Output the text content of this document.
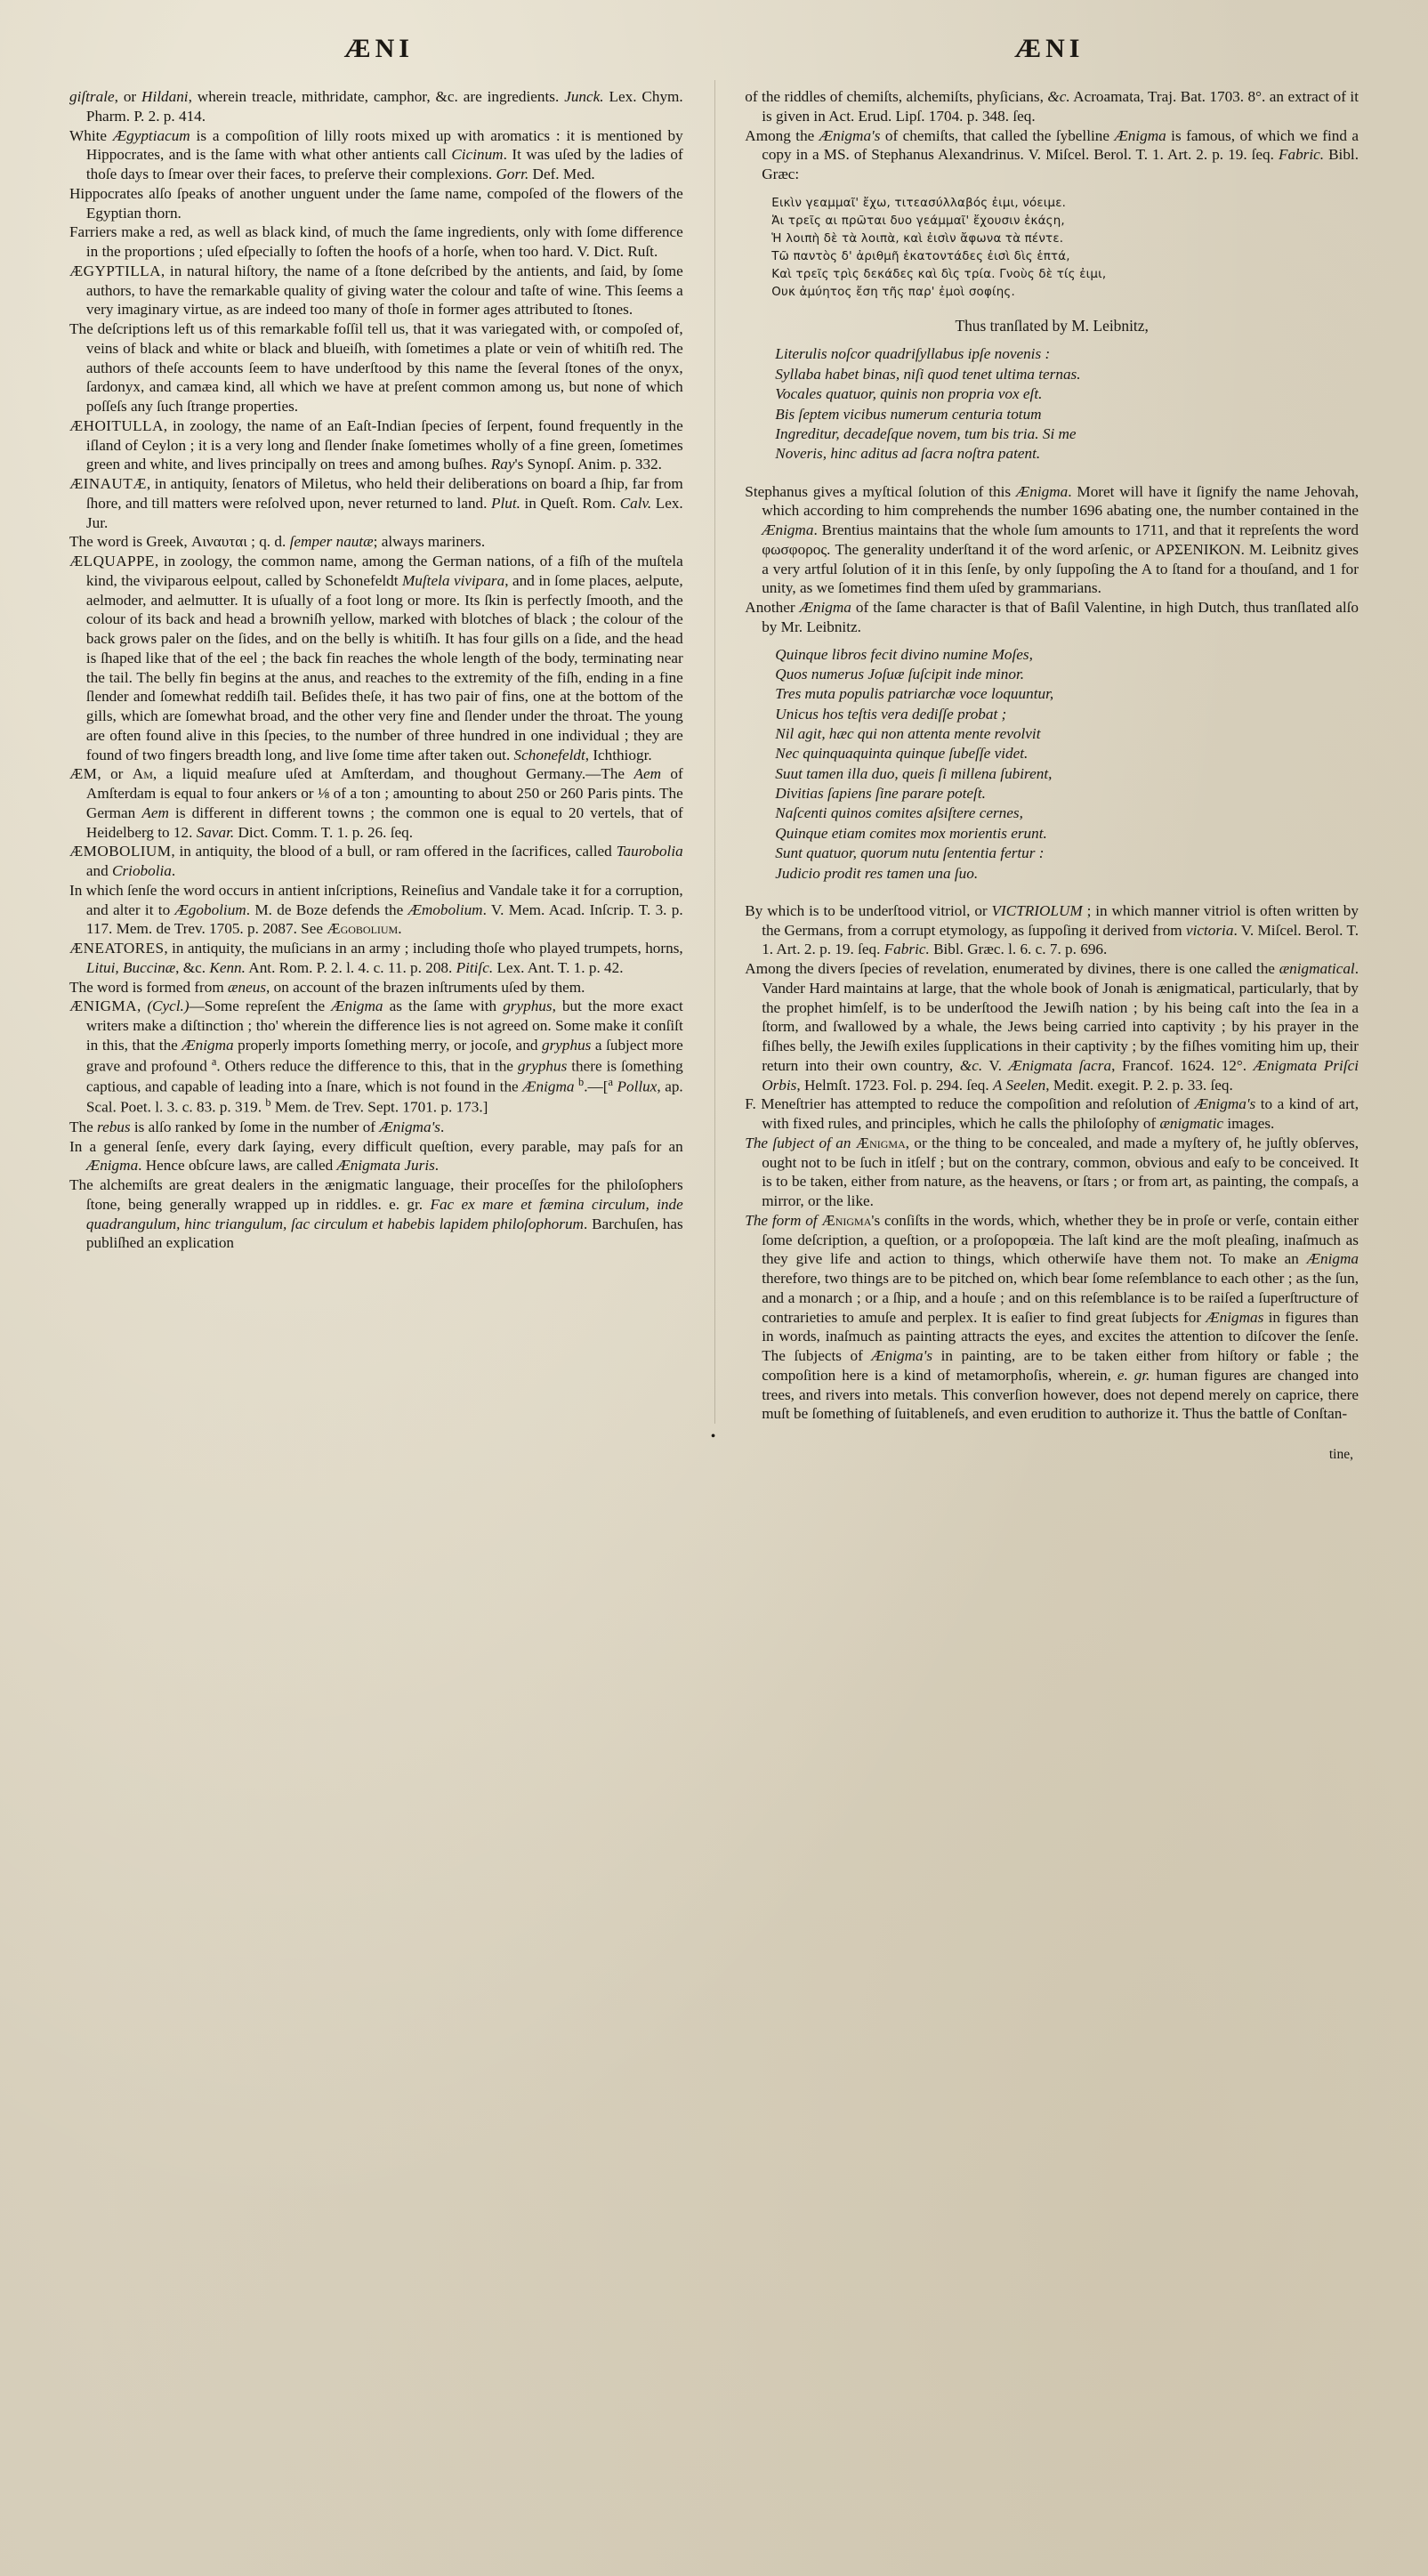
ÆNI	ÆNI

giſtrale, or Hildani, wherein treacle, mithridate, camphor, &c. are ingredients. Junck. Lex. Chym. Pharm. P. 2. p. 414.

White Ægyptiacum is a compoſition of lilly roots mixed up with aromatics : it is mentioned by Hippocrates, and is the ſame with what other antients call Cicinum. It was uſed by the ladies of thoſe days to ſmear over their faces, to preſerve their complexions. Gorr. Def. Med.

Hippocrates alſo ſpeaks of another unguent under the ſame name, compoſed of the flowers of the Egyptian thorn.

Farriers make a red, as well as black kind, of much the ſame ingredients, only with ſome difference in the proportions ; uſed eſpecially to ſoften the hoofs of a horſe, when too hard. V. Dict. Ruſt.

ÆGYPTILLA, in natural hiſtory, the name of a ſtone deſcribed by the antients, and ſaid, by ſome authors, to have the remarkable quality of giving water the colour and taſte of wine. This ſeems a very imaginary virtue, as are indeed too many of thoſe in former ages attributed to ſtones.

The deſcriptions left us of this remarkable foſſil tell us, that it was variegated with, or compoſed of, veins of black and white or black and blueiſh, with ſometimes a plate or vein of whitiſh red. The authors of theſe accounts ſeem to have underſtood by this name the ſeveral ſtones of the onyx, ſardonyx, and camæa kind, all which we have at preſent common among us, but none of which poſſeſs any ſuch ſtrange properties.

ÆHOITULLA, in zoology, the name of an Eaſt-Indian ſpecies of ſerpent, found frequently in the iſland of Ceylon ; it is a very long and ſlender ſnake ſometimes wholly of a fine green, ſometimes green and white, and lives principally on trees and among buſhes. Ray's Synopſ. Anim. p. 332.

ÆINAUTÆ, in antiquity, ſenators of Miletus, who held their deliberations on board a ſhip, far from ſhore, and till matters were reſolved upon, never returned to land. Plut. in Queſt. Rom. Calv. Lex. Jur.

The word is Greek, Αιναυται ; q. d. ſemper nautæ; always mariners.

ÆLQUAPPE, in zoology, the common name, among the German nations, of a fiſh of the muſtela kind, the viviparous eelpout, called by Schonefeldt Muſtela vivipara, and in ſome places, aelpute, aelmoder, and aelmutter. It is uſually of a foot long or more. Its ſkin is perfectly ſmooth, and the colour of its back and head a browniſh yellow, marked with blotches of black ; the colour of the back grows paler on the ſides, and on the belly is whitiſh. It has four gills on a ſide, and the head is ſhaped like that of the eel ; the back fin reaches the whole length of the body, terminating near the tail. The belly fin begins at the anus, and reaches to the extremity of the fiſh, ending in a fine ſlender and ſomewhat reddiſh tail. Beſides theſe, it has two pair of fins, one at the bottom of the gills, which are ſomewhat broad, and the other very fine and ſlender under the throat. The young are often found alive in this ſpecies, to the number of three hundred in one individual ; they are found of two fingers breadth long, and live ſome time after taken out. Schonefeldt, Ichthiogr.

ÆM, or Am, a liquid meaſure uſed at Amſterdam, and thoughout Germany.—The Aem of Amſterdam is equal to four ankers or ⅛ of a ton ; amounting to about 250 or 260 Paris pints. The German Aem is different in different towns ; the common one is equal to 20 vertels, that of Heidelberg to 12. Savar. Dict. Comm. T. 1. p. 26. ſeq.

ÆMOBOLIUM, in antiquity, the blood of a bull, or ram offered in the ſacrifices, called Taurobolia and Criobolia.

In which ſenſe the word occurs in antient inſcriptions, Reineſius and Vandale take it for a corruption, and alter it to Ægobolium. M. de Boze defends the Æmobolium. V. Mem. Acad. Inſcrip. T. 3. p. 117. Mem. de Trev. 1705. p. 2087. See Ægobolium.

ÆNEATORES, in antiquity, the muſicians in an army ; including thoſe who played trumpets, horns, Litui, Buccinæ, &c. Kenn. Ant. Rom. P. 2. l. 4. c. 11. p. 208. Pitiſc. Lex. Ant. T. 1. p. 42.

The word is formed from æneus, on account of the brazen inſtruments uſed by them.

ÆNIGMA, (Cycl.)—Some repreſent the Ænigma as the ſame with gryphus, but the more exact writers make a diſtinction ; tho' wherein the difference lies is not agreed on. Some make it conſiſt in this, that the Ænigma properly imports ſomething merry, or jocoſe, and gryphus a ſubject more grave and profound $^a$. Others reduce the difference to this, that in the gryphus there is ſomething captious, and capable of leading into a ſnare, which is not found in the Ænigma $^b$.—[$^a$ Pollux, ap. Scal. Poet. l. 3. c. 83. p. 319. $^b$ Mem. de Trev. Sept. 1701. p. 173.]

The rebus is alſo ranked by ſome in the number of Ænigma's.

In a general ſenſe, every dark ſaying, every difficult queſtion, every parable, may paſs for an Ænigma. Hence obſcure laws, are called Ænigmata Juris.

The alchemiſts are great dealers in the ænigmatic language, their proceſſes for the philoſophers ſtone, being generally wrapped up in riddles. e. gr. Fac ex mare et fæmina circulum, inde quadrangulum, hinc triangulum, ſac circulum et habebis lapidem philoſophorum. Barchuſen, has publiſhed an explication

of the riddles of chemiſts, alchemiſts, phyſicians, &c. Acroamata, Traj. Bat. 1703. 8°. an extract of it is given in Act. Erud. Lipſ. 1704. p. 348. ſeq.

Among the Ænigma's of chemiſts, that called the ſybelline Ænigma is famous, of which we find a copy in a MS. of Stephanus Alexandrinus. V. Miſcel. Berol. T. 1. Art. 2. p. 19. ſeq. Fabric. Bibl. Græc:

Εικὶν γεαμμαῖ' ἔχω, τιτεασύλλαβός ἐιμι, νόειμε.
Ἁι τρεῖς αι πρῶται δυο γεάμμαῖ' ἔχουσιν ἑκάςη,
Ἡ λοιπὴ δὲ τὰ λοιπὰ, καὶ ἐισὶν ἄφωνα τὰ πέντε.
Τῶ παντὸς δ' ἀριθμῆ ἑκατοντάδες ἐισὶ δὶς ἑπτά,
Καὶ τρεῖς τρὶς δεκάδες καὶ δὶς τρία. Γνοὺς δὲ τίς ἐιμι,
Ουκ ἀμύητος ἔση τῆς παρ' ἐμοὶ σοφίης.

Thus tranſlated by M. Leibnitz,

Literulis noſcor quadriſyllabus ipſe novenis :
Syllaba habet binas, niſi quod tenet ultima ternas.
Vocales quatuor, quinis non propria vox eſt.
Bis ſeptem vicibus numerum centuria totum
Ingreditur, decadeſque novem, tum bis tria. Si me
Noveris, hinc aditus ad ſacra noſtra patent.

Stephanus gives a myſtical ſolution of this Ænigma. Moret will have it ſignify the name Jehovah, which according to him comprehends the number 1696 abating one, the number contained in the Ænigma. Brentius maintains that the whole ſum amounts to 1711, and that it repreſents the word φωσφορος. The generality underſtand it of the word arſenic, or ΑΡΣΕΝΙΚΟΝ. M. Leibnitz gives a very artful ſolution of it in this ſenſe, by only ſuppoſing the A to ſtand for a thouſand, and 1 for unity, as we ſometimes find them uſed by grammarians.

Another Ænigma of the ſame character is that of Baſil Valentine, in high Dutch, thus tranſlated alſo by Mr. Leibnitz.

Quinque libros fecit divino numine Moſes,
Quos numerus Joſuæ ſuſcipit inde minor.
Tres muta populis patriarchæ voce loquuntur,
Unicus hos teſtis vera dediſſe probat ;
Nil agit, hæc qui non attenta mente revolvit
Nec quinquaquinta quinque ſubeſſe videt.
Suut tamen illa duo, queis ſi millena ſubirent,
Divitias ſapiens ſine parare poteſt.
Naſcenti quinos comites aſsiſtere cernes,
Quinque etiam comites mox morientis erunt.
Sunt quatuor, quorum nutu ſententia fertur :
Judicio prodit res tamen una ſuo.

By which is to be underſtood vitriol, or VICTRIOLUM ; in which manner vitriol is often written by the Germans, from a corrupt etymology, as ſuppoſing it derived from victoria. V. Miſcel. Berol. T. 1. Art. 2. p. 19. ſeq. Fabric. Bibl. Græc. l. 6. c. 7. p. 696.

Among the divers ſpecies of revelation, enumerated by divines, there is one called the ænigmatical. Vander Hard maintains at large, that the whole book of Jonah is ænigmatical, particularly, that by the prophet himſelf, is to be underſtood the Jewiſh nation ; by his being caſt into the ſea in a ſtorm, and ſwallowed by a whale, the Jews being carried into captivity ; by his prayer in the fiſhes belly, the Jewiſh exiles ſupplications in their captivity ; by the fiſhes vomiting him up, their return into their own country, &c. V. Ænigmata ſacra, Francof. 1624. 12°. Ænigmata Priſci Orbis, Helmſt. 1723. Fol. p. 294. ſeq. A Seelen, Medit. exegit. P. 2. p. 33. ſeq.

F. Meneſtrier has attempted to reduce the compoſition and reſolution of Ænigma's to a kind of art, with fixed rules, and principles, which he calls the philoſophy of ænigmatic images.

The ſubject of an Ænigma, or the thing to be concealed, and made a myſtery of, he juſtly obſerves, ought not to be ſuch in itſelf ; but on the contrary, common, obvious and eaſy to be conceived. It is to be taken, either from nature, as the heavens, or ſtars ; or from art, as painting, the compaſs, a mirror, or the like.

The form of Ænigma's conſiſts in the words, which, whether they be in proſe or verſe, contain either ſome deſcription, a queſtion, or a proſopopœia. The laſt kind are the moſt pleaſing, inaſmuch as they give life and action to things, which otherwiſe have them not. To make an Ænigma therefore, two things are to be pitched on, which bear ſome reſemblance to each other ; as the ſun, and a monarch ; or a ſhip, and a houſe ; and on this reſemblance is to be raiſed a ſuperſtructure of contrarieties to amuſe and perplex. It is eaſier to find great ſubjects for Ænigmas in figures than in words, inaſmuch as painting attracts the eyes, and excites the attention to diſcover the ſenſe. The ſubjects of Ænigma's in painting, are to be taken either from hiſtory or fable ; the compoſition here is a kind of metamorphoſis, wherein, e. gr. human figures are changed into trees, and rivers into metals. This converſion however, does not depend merely on caprice, there muſt be ſomething of ſuitableneſs, and even erudition to authorize it. Thus the battle of Conſtan-

•
tine,
